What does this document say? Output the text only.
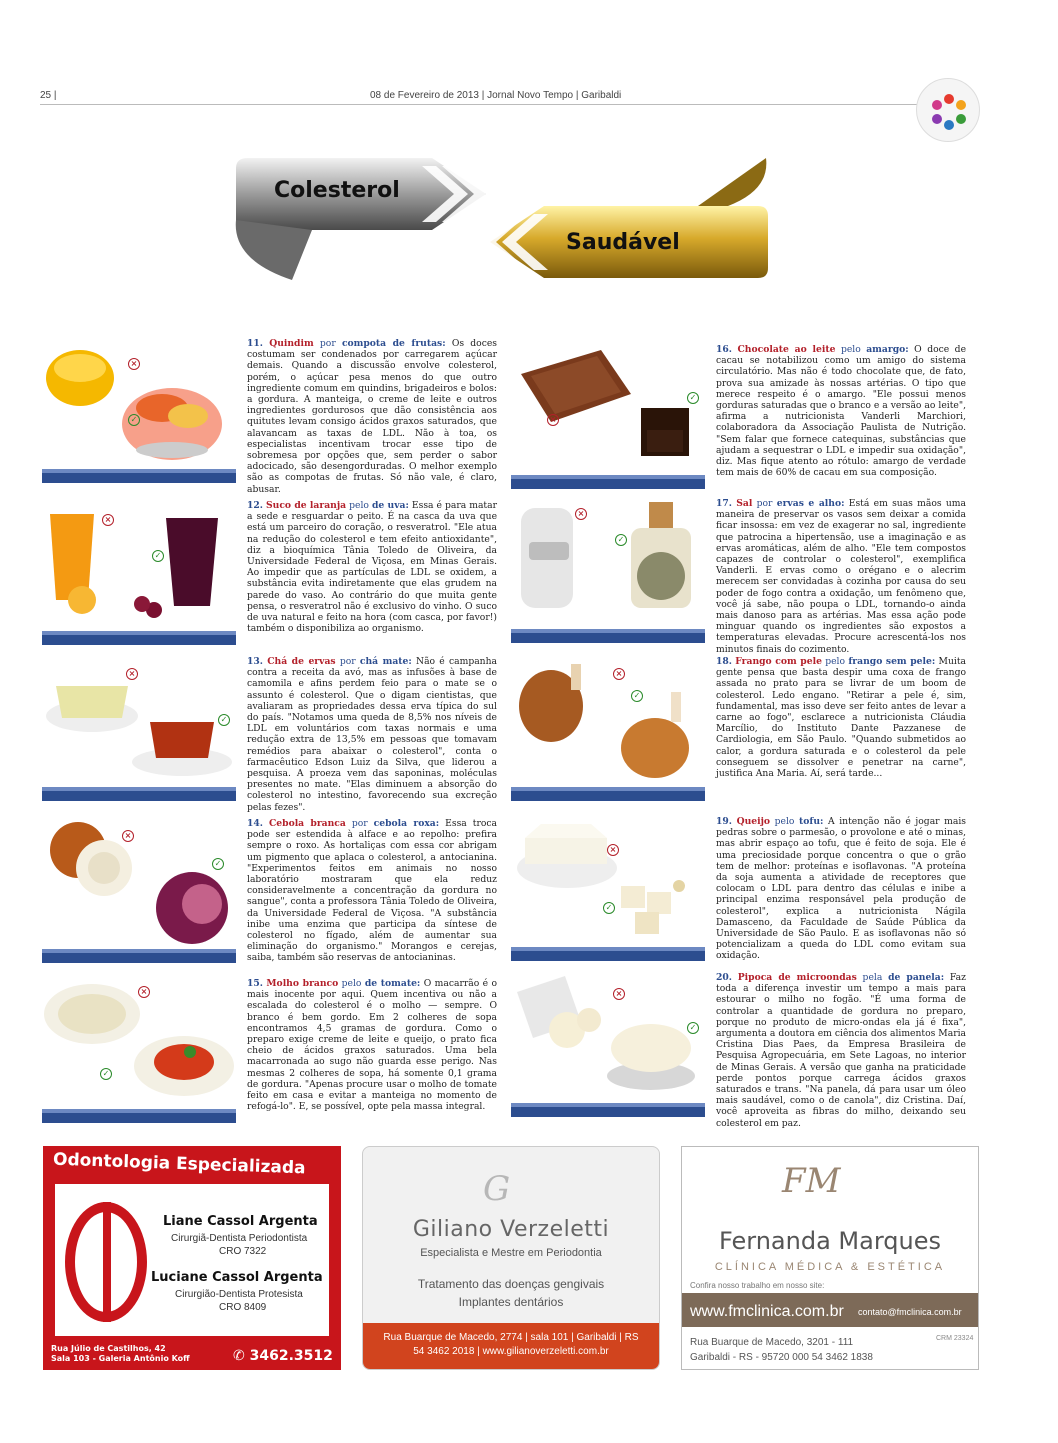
25 |	08 de Fevereiro de 2013 | Jornal Novo Tempo | Garibaldi
Colesterol
Saudável
×
✓
11. Quindim por compota de frutas: Os doces costumam ser condenados por carregarem açúcar demais. Quando a discussão envolve colesterol, porém, o açúcar pesa menos do que outro ingrediente comum em quindins, brigadeiros e bolos: a gordura. A manteiga, o creme de leite e outros ingredientes gordurosos que dão consistência aos quitutes levam consigo ácidos graxos saturados, que alavancam as taxas de LDL. Não à toa, os especialistas incentivam trocar esse tipo de sobremesa por opções que, sem perder o sabor adocicado, são desengorduradas. O melhor exemplo são as compotas de frutas. Só não vale, é claro, abusar.
×
✓
12. Suco de laranja pelo de uva: Essa é para matar a sede e resguardar o peito. É na casca da uva que está um parceiro do coração, o resveratrol. "Ele atua na redução do colesterol e tem efeito antioxidante", diz a bioquímica Tânia Toledo de Oliveira, da Universidade Federal de Viçosa, em Minas Gerais. Ao impedir que as partículas de LDL se oxidem, a substância evita indiretamente que elas grudem na parede do vaso. Ao contrário do que muita gente pensa, o resveratrol não é exclusivo do vinho. O suco de uva natural e feito na hora (com casca, por favor!) também o disponibiliza ao organismo.
×
✓
13. Chá de ervas por chá mate: Não é campanha contra a receita da avó, mas as infusões à base de camomila e afins perdem feio para o mate se o assunto é colesterol. Que o digam cientistas, que avaliaram as propriedades dessa erva típica do sul do país. "Notamos uma queda de 8,5% nos níveis de LDL em voluntários com taxas normais e uma redução extra de 13,5% em pessoas que tomavam remédios para abaixar o colesterol", conta o farmacêutico Edson Luiz da Silva, que liderou a pesquisa. A proeza vem das saponinas, moléculas presentes no mate. "Elas diminuem a absorção do colesterol no intestino, favorecendo sua excreção pelas fezes".
×
✓
14. Cebola branca por cebola roxa: Essa troca pode ser estendida à alface e ao repolho: prefira sempre o roxo. As hortaliças com essa cor abrigam um pigmento que aplaca o colesterol, a antocianina. "Experimentos feitos em animais no nosso laboratório mostraram que ela reduz consideravelmente a concentração da gordura no sangue", conta a professora Tânia Toledo de Oliveira, da Universidade Federal de Viçosa. "A substância inibe uma enzima que participa da síntese de colesterol no fígado, além de aumentar sua eliminação do organismo." Morangos e cerejas, saiba, também são reservas de antocianinas.
×
✓
15. Molho branco pelo de tomate: O macarrão é o mais inocente por aqui. Quem incentiva ou não a escalada do colesterol é o molho — sempre. O branco é bem gordo. Em 2 colheres de sopa encontramos 4,5 gramas de gordura. Como o preparo exige creme de leite e queijo, o prato fica cheio de ácidos graxos saturados. Uma bela macarronada ao sugo não guarda esse perigo. Nas mesmas 2 colheres de sopa, há somente 0,1 grama de gordura. "Apenas procure usar o molho de tomate feito em casa e evitar a manteiga no momento de refogá-lo". E, se possível, opte pela massa integral.
×
✓
16. Chocolate ao leite pelo amargo: O doce de cacau se notabilizou como um amigo do sistema circulatório. Mas não é todo chocolate que, de fato, prova sua amizade às nossas artérias. O tipo que merece respeito é o amargo. "Ele possui menos gorduras saturadas que o branco e a versão ao leite", afirma a nutricionista Vanderli Marchiori, colaboradora da Associação Paulista de Nutrição. "Sem falar que fornece catequinas, substâncias que ajudam a sequestrar o LDL e impedir sua oxidação", diz. Mas fique atento ao rótulo: amargo de verdade tem mais de 60% de cacau em sua composição.
×
✓
17. Sal por ervas e alho: Está em suas mãos uma maneira de preservar os vasos sem deixar a comida ficar insossa: em vez de exagerar no sal, ingrediente que patrocina a hipertensão, use a imaginação e as ervas aromáticas, além de alho. "Ele tem compostos capazes de controlar o colesterol", exemplifica Vanderli. E ervas como o orégano e o alecrim merecem ser convidadas à cozinha por causa do seu poder de fogo contra a oxidação, um fenômeno que, você já sabe, não poupa o LDL, tornando-o ainda mais danoso para as artérias. Mas essa ação pode minguar quando os ingredientes são expostos a temperaturas elevadas. Procure acrescentá-los nos minutos finais do cozimento.
×
✓
18. Frango com pele pelo frango sem pele: Muita gente pensa que basta despir uma coxa de frango assada no prato para se livrar de um boom de colesterol. Ledo engano. "Retirar a pele é, sim, fundamental, mas isso deve ser feito antes de levar a carne ao fogo", esclarece a nutricionista Cláudia Marcílio, do Instituto Dante Pazzanese de Cardiologia, em São Paulo. "Quando submetidos ao calor, a gordura saturada e o colesterol da pele conseguem se dissolver e penetrar na carne", justifica Ana Maria. Aí, será tarde...
×
✓
19. Queijo pelo tofu: A intenção não é jogar mais pedras sobre o parmesão, o provolone e até o minas, mas abrir espaço ao tofu, que é feito de soja. Ele é uma preciosidade porque concentra o que o grão tem de melhor: proteínas e isoflavonas. "A proteína da soja aumenta a atividade de receptores que colocam o LDL para dentro das células e inibe a principal enzima responsável pela produção de colesterol", explica a nutricionista Nágila Damasceno, da Faculdade de Saúde Pública da Universidade de São Paulo. E as isoflavonas não só potencializam a queda do LDL como evitam sua oxidação.
×
✓
20. Pipoca de microondas pela de panela: Faz toda a diferença investir um tempo a mais para estourar o milho no fogão. "É uma forma de controlar a quantidade de gordura no preparo, porque no produto de micro-ondas ela já é fixa", argumenta a doutora em ciência dos alimentos Maria Cristina Dias Paes, da Empresa Brasileira de Pesquisa Agropecuária, em Sete Lagoas, no interior de Minas Gerais. A versão que ganha na praticidade perde pontos porque carrega ácidos graxos saturados e trans. "Na panela, dá para usar um óleo mais saudável, como o de canola", diz Cristina. Daí, você aproveita as fibras do milho, deixando seu colesterol em paz.
Odontologia Especializada
Liane Cassol Argenta
Cirurgiã-Dentista Periodontista
CRO 7322
Luciane Cassol Argenta
Cirurgião-Dentista Protesista
CRO 8409
Rua Júlio de Castilhos, 42
Sala 103 - Galeria Antônio Koff	✆ 3462.3512
G
Giliano Verzeletti
Especialista e Mestre em Periodontia
Tratamento das doenças gengivais
Implantes dentários
Rua Buarque de Macedo, 2774 | sala 101 | Garibaldi | RS
54 3462 2018 | www.gilianoverzeletti.com.br
FM
Fernanda Marques
CLÍNICA MÉDICA & ESTÉTICA
Confira nosso trabalho em nosso site:
www.fmclinica.com.br contato@fmclinica.com.br
Rua Buarque de Macedo, 3201 - 111
Garibaldi - RS - 95720 000 54 3462 1838
CRM 23324
